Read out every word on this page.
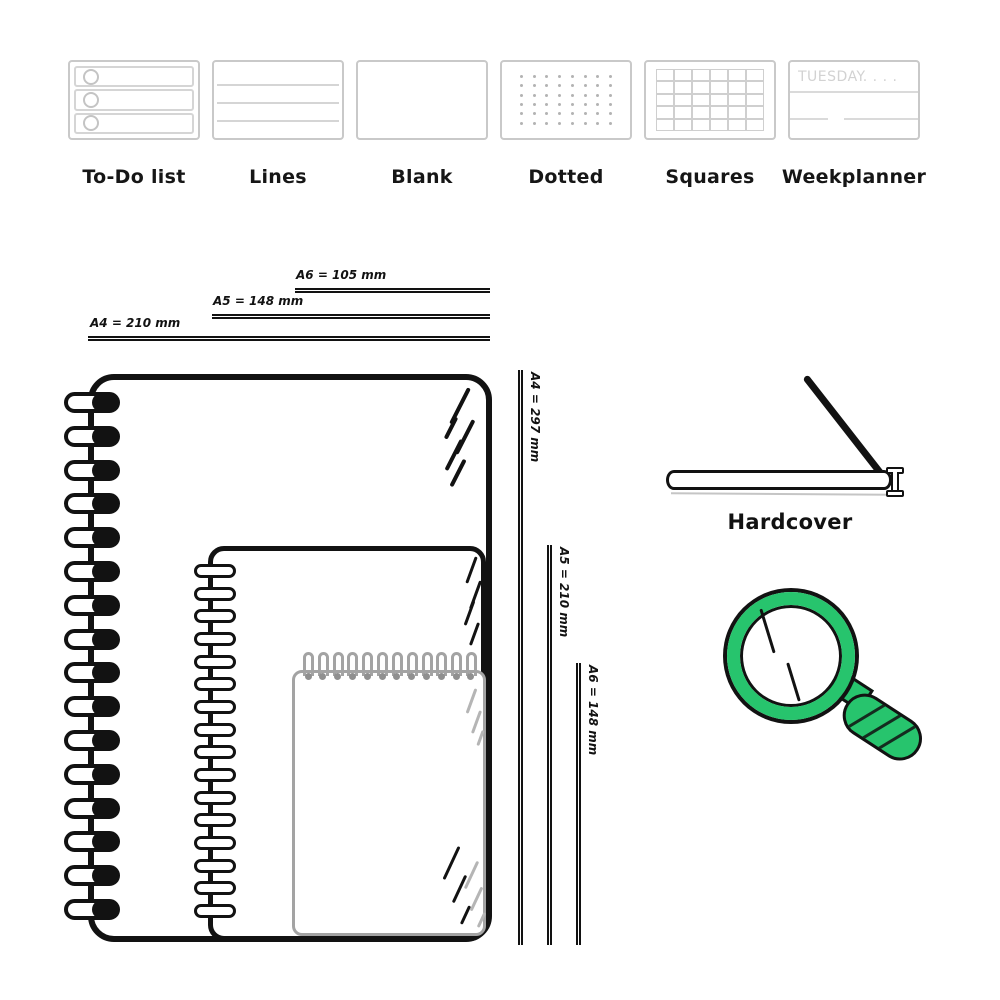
To-Do list	Lines	Blank	Dotted	Squares
TUESDAY. . . .
Weekplanner
A6 = 105 mm
A5 = 148 mm
A4 = 210 mm
A4 = 297 mm
A5 = 210 mm
A6 = 148 mm
Hardcover
